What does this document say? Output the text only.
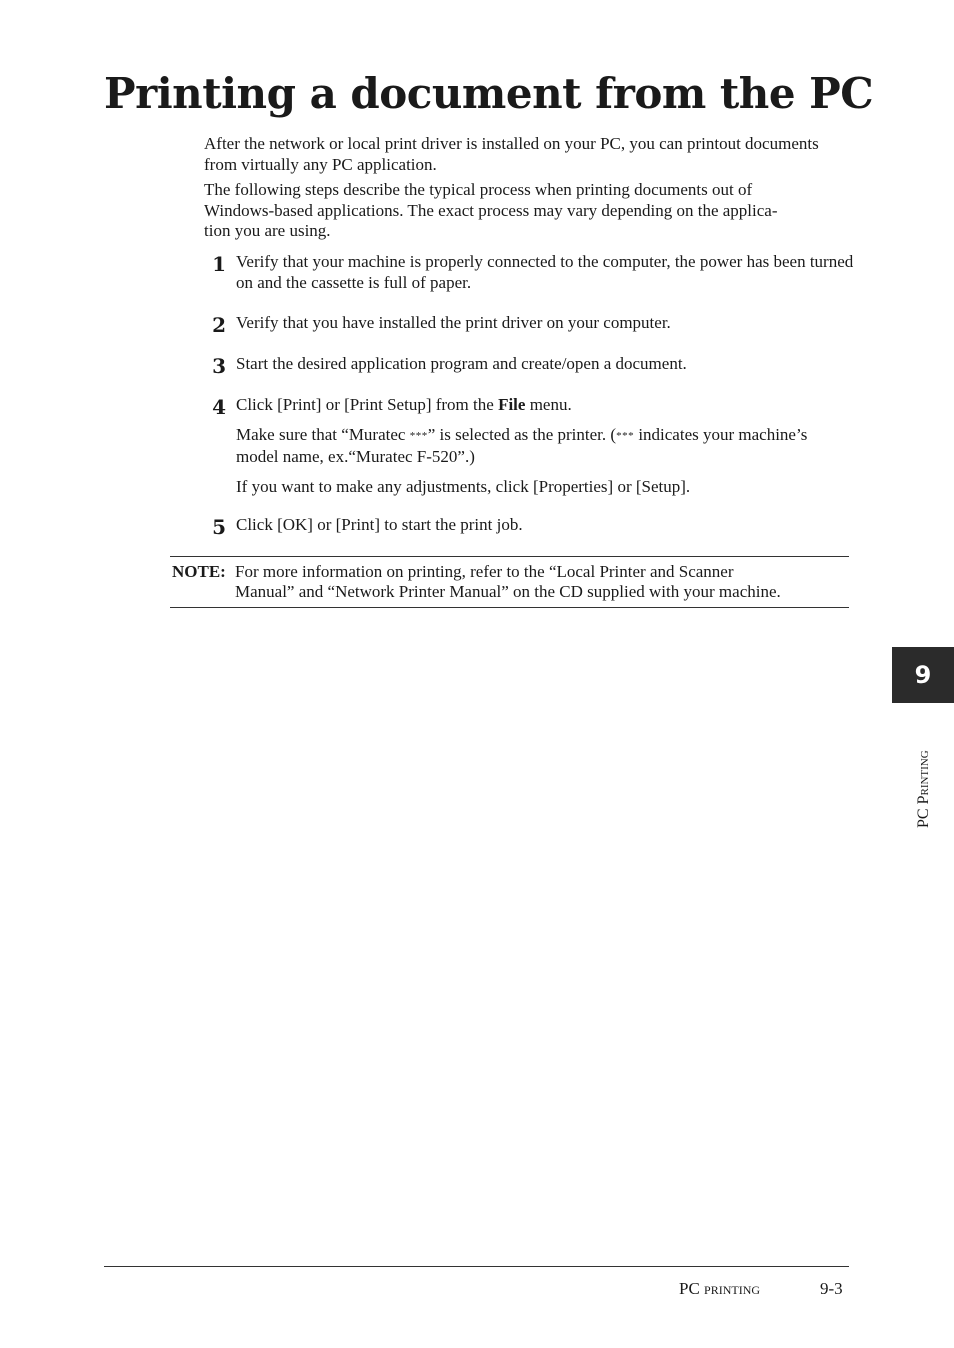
Printing a document from the PC

After the network or local print driver is installed on your PC, you can printout documents from virtually any PC application.

The following steps describe the typical process when printing documents out of
Windows-based applications. The exact process may vary depending on the applica-
tion you are using.

1 Verify that your machine is properly connected to the computer, the power has been turned on and the cassette is full of paper.

2 Verify that you have installed the print driver on your computer.

3 Start the desired application program and create/open a document.

4 Click [Print] or [Print Setup] from the File menu.

Make sure that “Muratec ***” is selected as the printer. (*** indicates your machine’s model name, ex.“Muratec F-520”.)

If you want to make any adjustments, click [Properties] or [Setup].

5 Click [OK] or [Print] to start the print job.

NOTE: For more information on printing, refer to the “Local Printer and Scanner
Manual” and “Network Printer Manual” on the CD supplied with your machine.

9
PC Printing
PC printing	9-3
